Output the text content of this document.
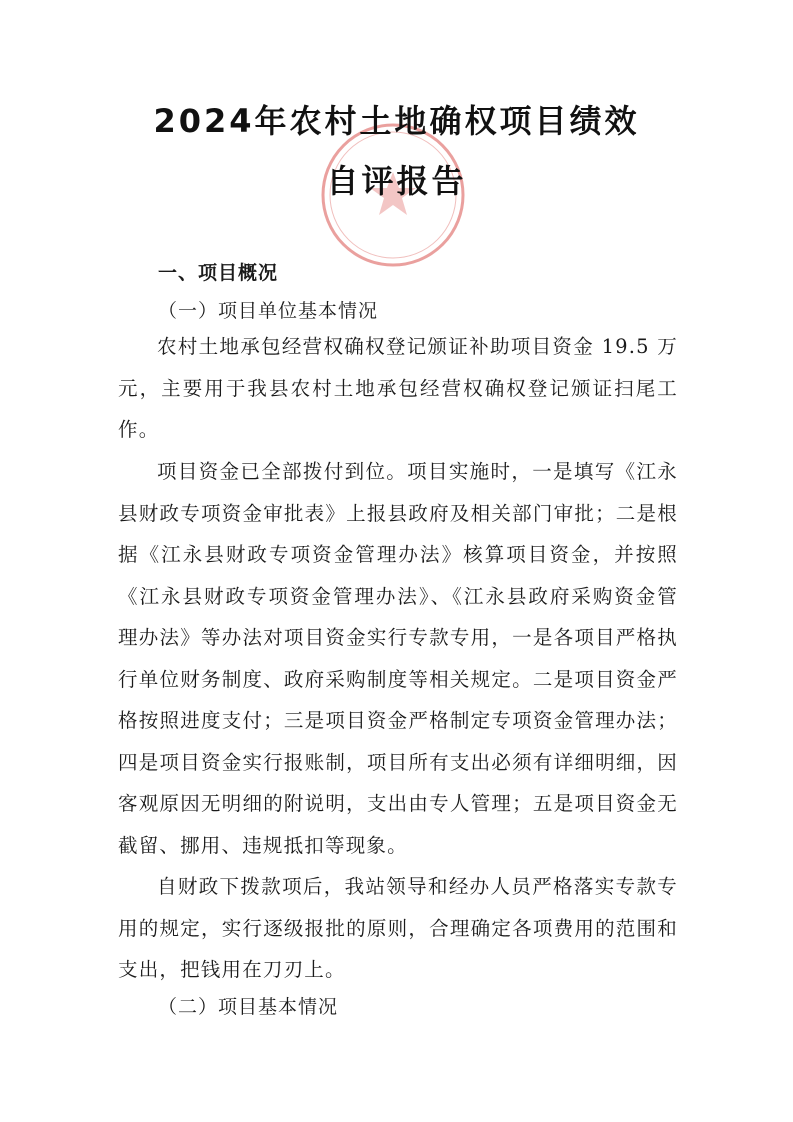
2024年农村土地确权项目绩效
自评报告
一、项目概况
（一）项目单位基本情况

农村土地承包经营权确权登记颁证补助项目资金 19.5 万元，主要用于我县农村土地承包经营权确权登记颁证扫尾工作。

项目资金已全部拨付到位。项目实施时，一是填写《江永县财政专项资金审批表》上报县政府及相关部门审批；二是根据《江永县财政专项资金管理办法》核算项目资金，并按照《江永县财政专项资金管理办法》、《江永县政府采购资金管理办法》等办法对项目资金实行专款专用，一是各项目严格执行单位财务制度、政府采购制度等相关规定。二是项目资金严格按照进度支付；三是项目资金严格制定专项资金管理办法；四是项目资金实行报账制，项目所有支出必须有详细明细，因客观原因无明细的附说明，支出由专人管理；五是项目资金无截留、挪用、违规抵扣等现象。

自财政下拨款项后，我站领导和经办人员严格落实专款专用的规定，实行逐级报批的原则，合理确定各项费用的范围和支出，把钱用在刀刃上。

（二）项目基本情况
